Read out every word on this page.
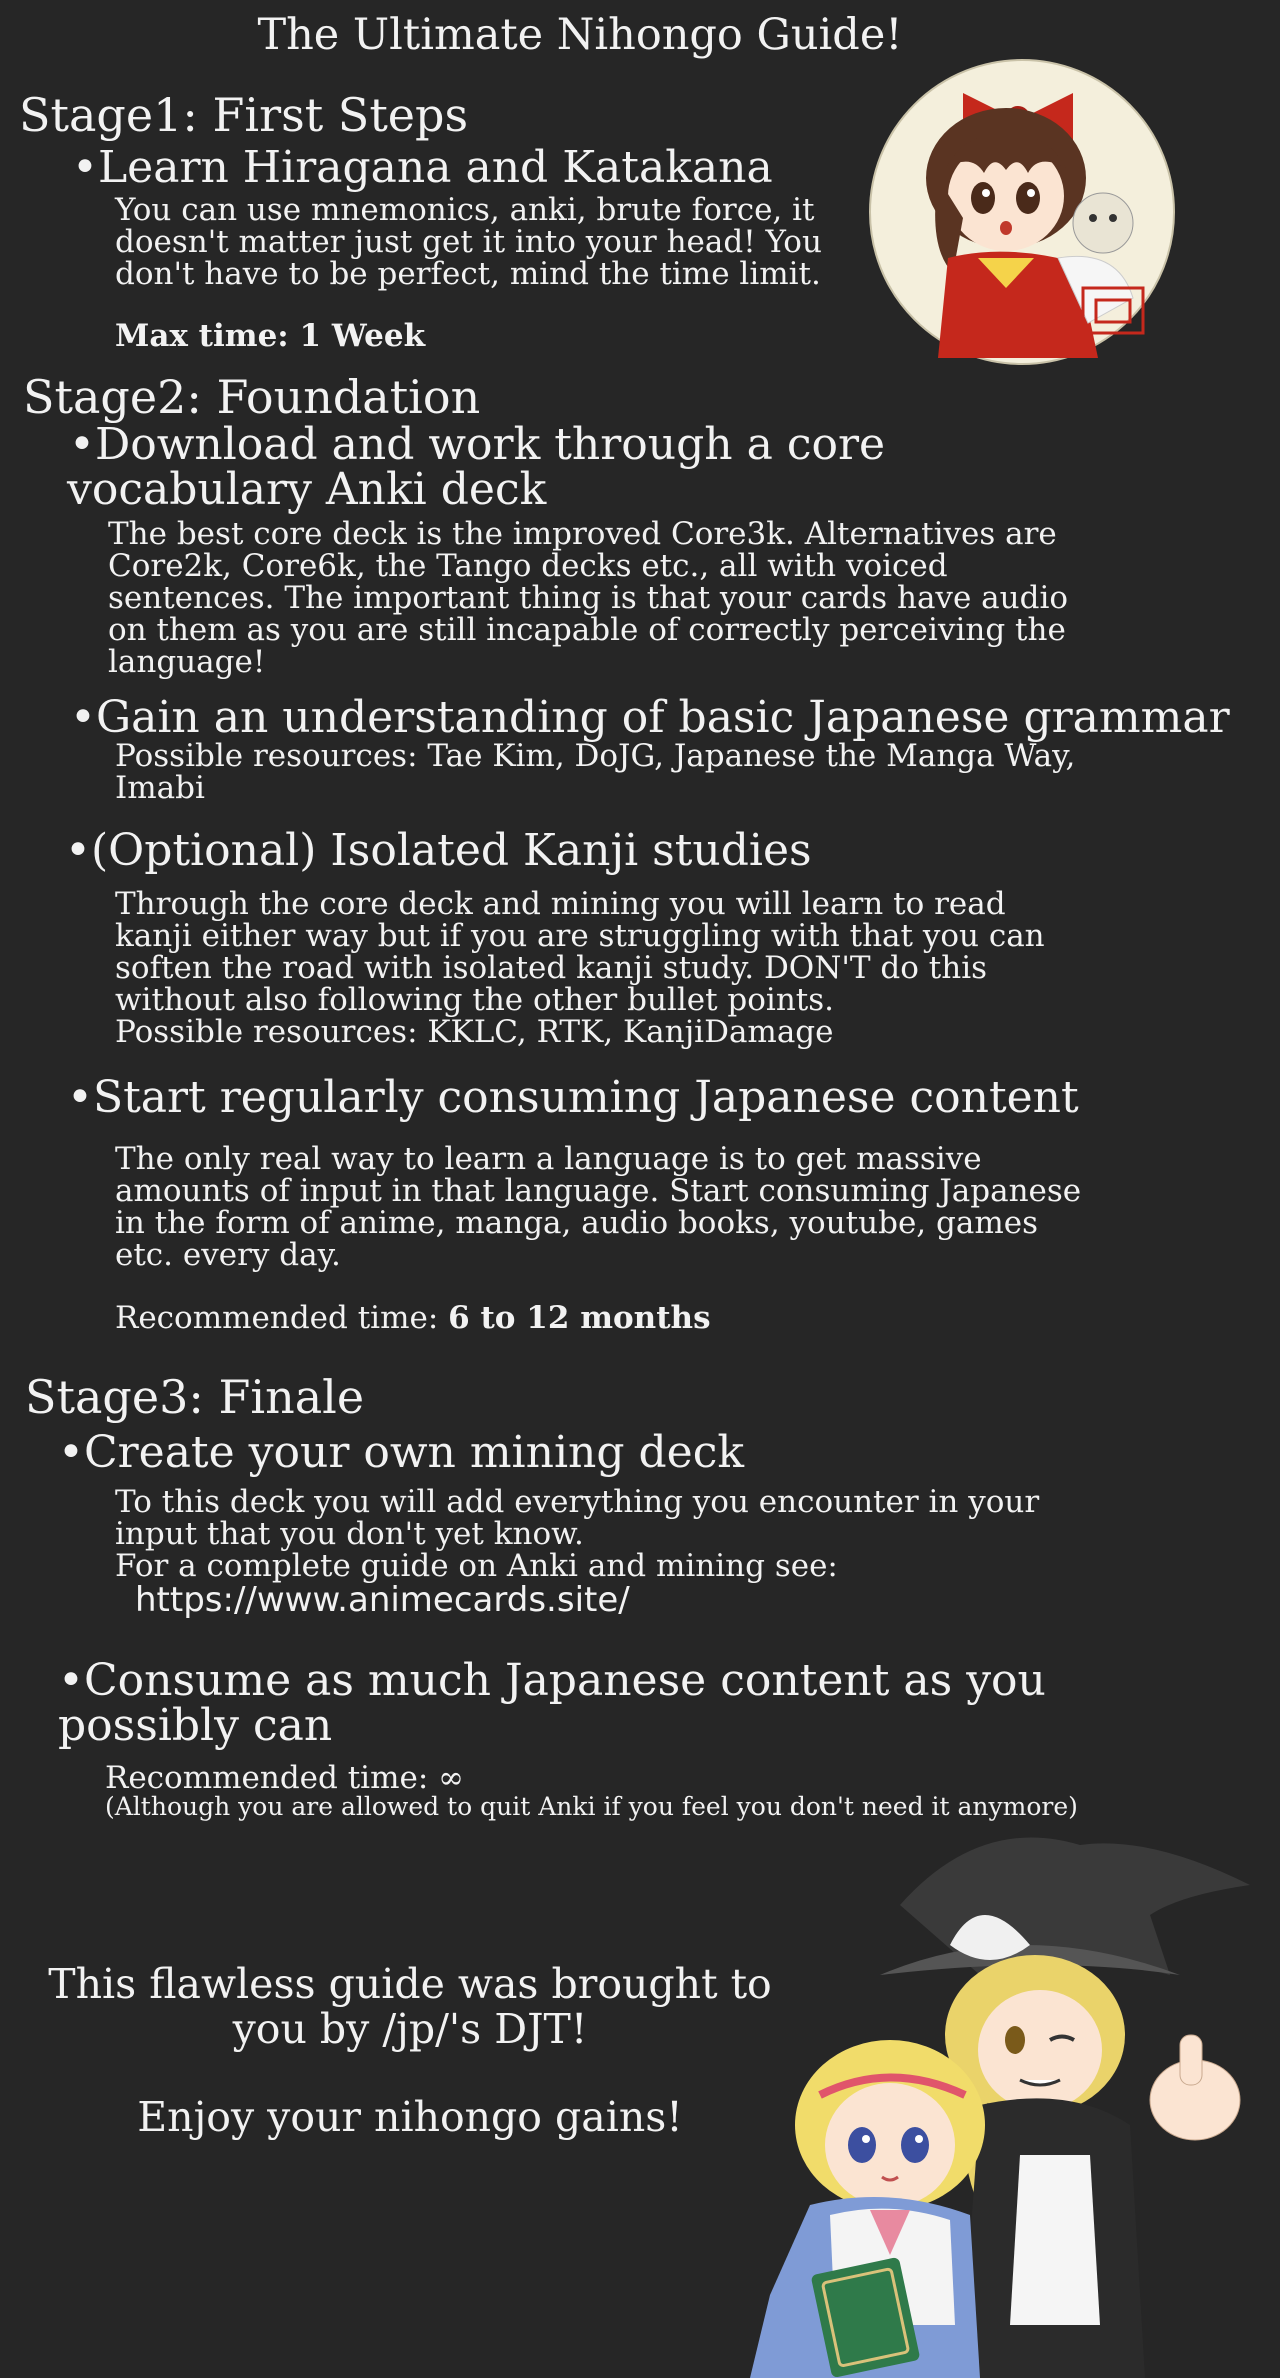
The Ultimate Nihongo Guide!
Stage1: First Steps
•Learn Hiragana and Katakana
You can use mnemonics, anki, brute force, it
doesn't matter just get it into your head! You
don't have to be perfect, mind the time limit.
Max time: 1 Week
Stage2: Foundation
•Download and work through a core
vocabulary Anki deck
The best core deck is the improved Core3k. Alternatives are
Core2k, Core6k, the Tango decks etc., all with voiced
sentences. The important thing is that your cards have audio
on them as you are still incapable of correctly perceiving the
language!
•Gain an understanding of basic Japanese grammar
Possible resources: Tae Kim, DoJG, Japanese the Manga Way,
Imabi
•(Optional) Isolated Kanji studies
Through the core deck and mining you will learn to read
kanji either way but if you are struggling with that you can
soften the road with isolated kanji study. DON'T do this
without also following the other bullet points.
Possible resources: KKLC, RTK, KanjiDamage
•Start regularly consuming Japanese content
The only real way to learn a language is to get massive
amounts of input in that language. Start consuming Japanese
in the form of anime, manga, audio books, youtube, games
etc. every day.
Recommended time: 6 to 12 months
Stage3: Finale
•Create your own mining deck
To this deck you will add everything you encounter in your
input that you don't yet know.
For a complete guide on Anki and mining see:
https://www.animecards.site/
•Consume as much Japanese content as you
possibly can
Recommended time: ∞
(Although you are allowed to quit Anki if you feel you don't need it anymore)
This flawless guide was brought to
you by /jp/'s DJT!
Enjoy your nihongo gains!
